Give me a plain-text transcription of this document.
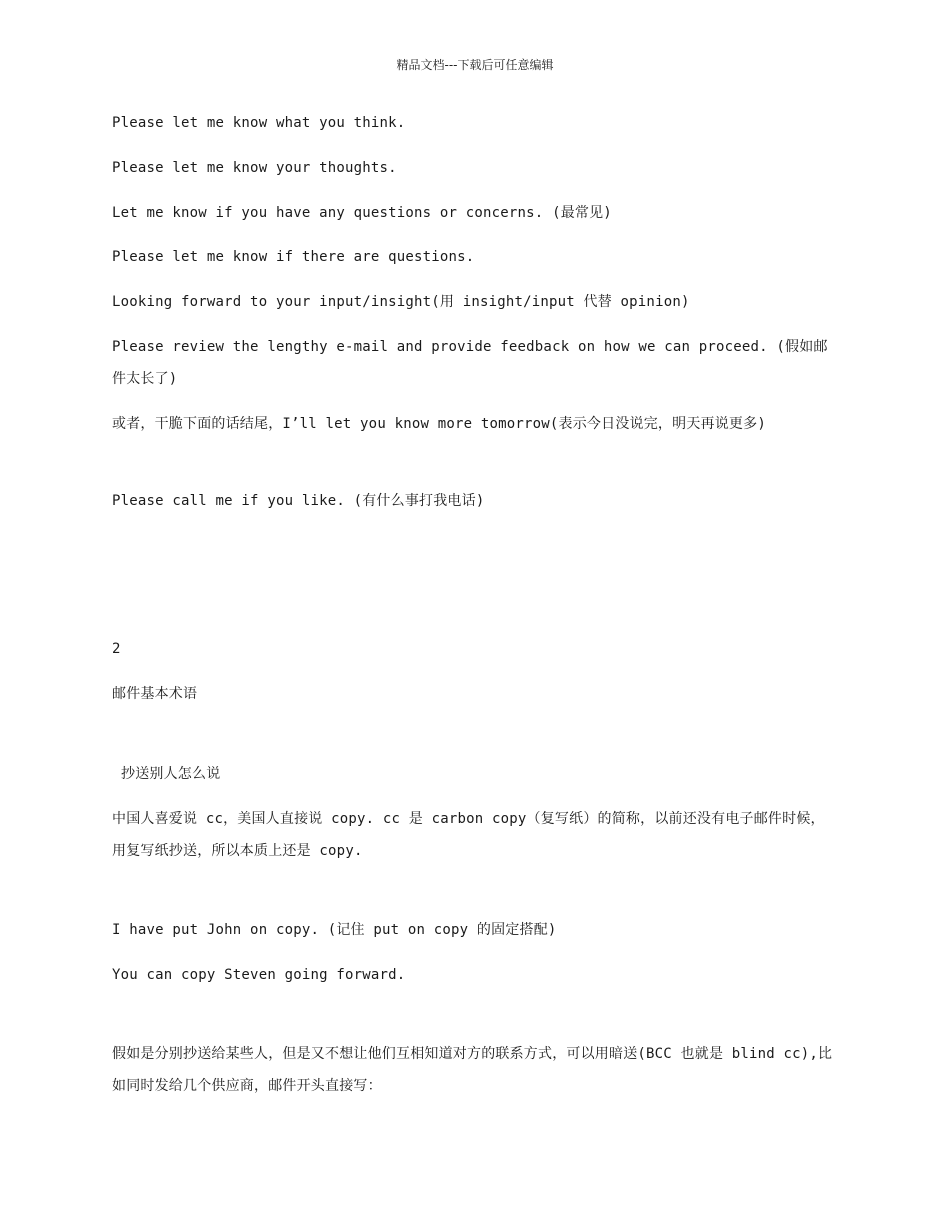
精品文档---下载后可任意编辑
Please let me know what you think.
Please let me know your thoughts.
Let me know if you have any questions or concerns. (最常见)
Please let me know if there are questions.
Looking forward to your input/insight(用 insight/input 代替 opinion)
Please review the lengthy e-mail and provide feedback on how we can proceed. (假如邮件太长了)
或者，干脆下面的话结尾，I’ll let you know more tomorrow(表示今日没说完，明天再说更多)
Please call me if you like. (有什么事打我电话)
2
邮件基本术语
抄送别人怎么说
中国人喜爱说 cc，美国人直接说 copy. cc 是 carbon copy（复写纸）的简称，以前还没有电子邮件时候，用复写纸抄送，所以本质上还是 copy.
I have put John on copy. (记住 put on copy 的固定搭配)
You can copy Steven going forward.
假如是分别抄送给某些人，但是又不想让他们互相知道对方的联系方式，可以用暗送(BCC 也就是 blind cc),比如同时发给几个供应商，邮件开头直接写：
